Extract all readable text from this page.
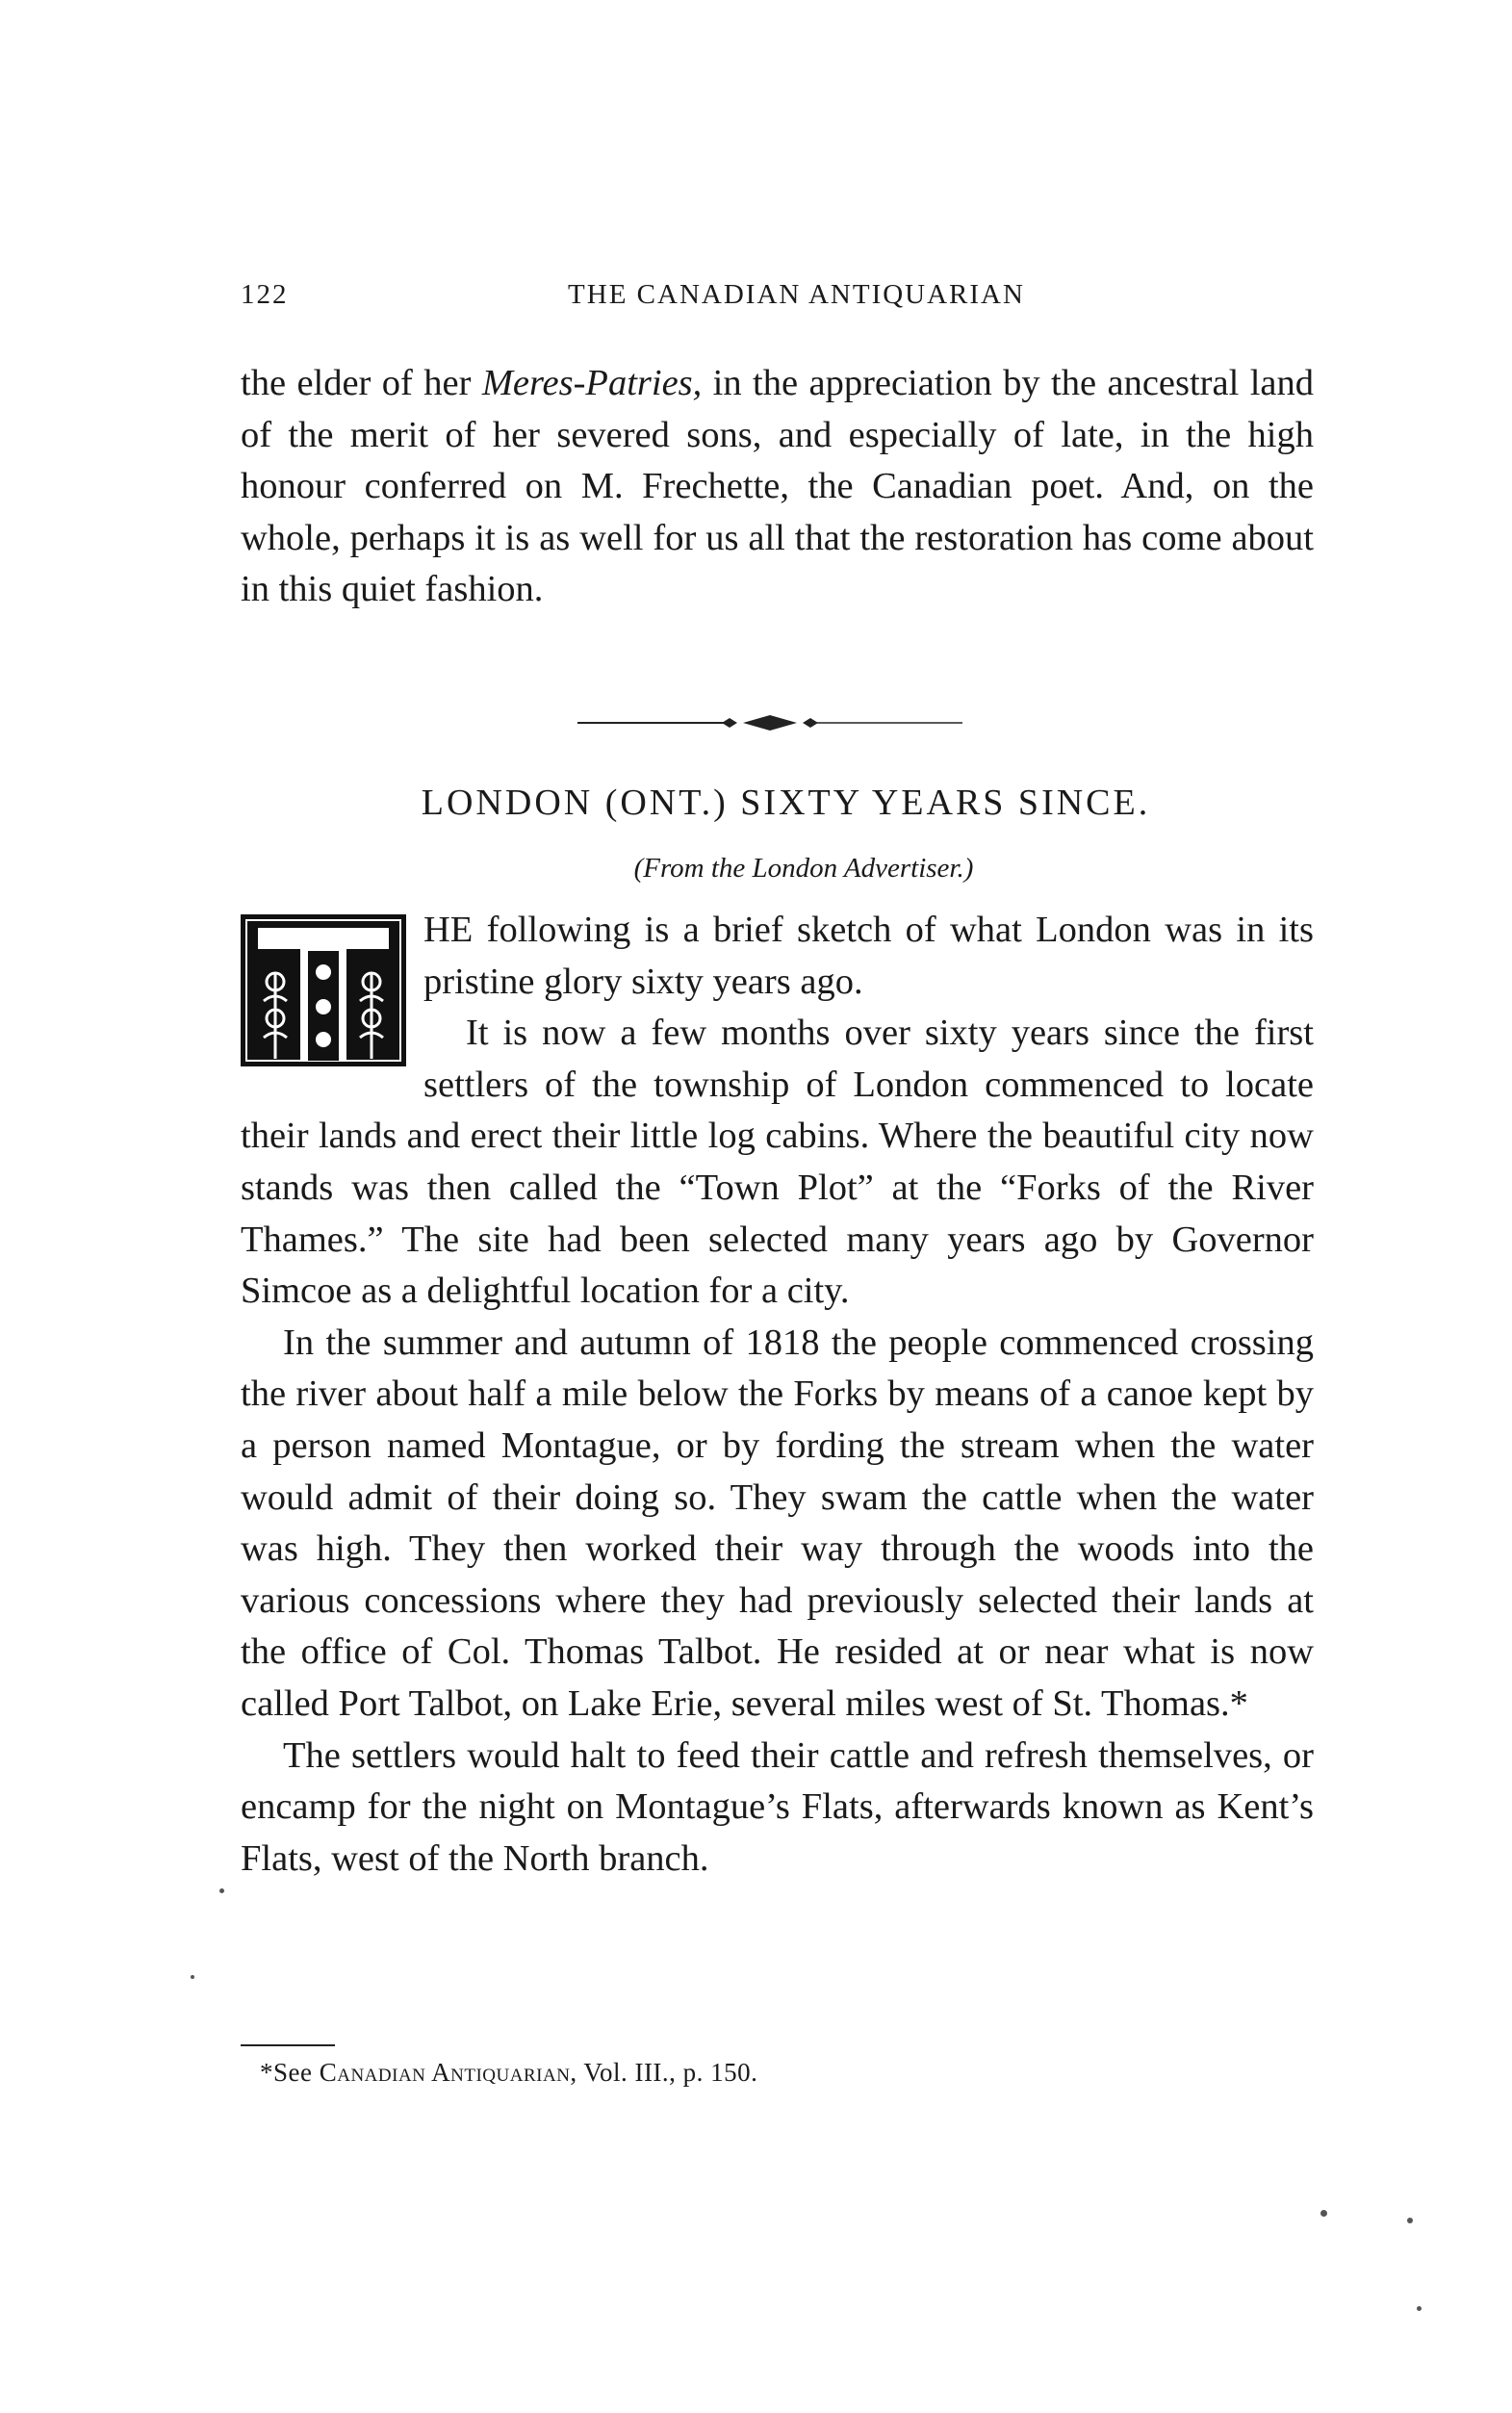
122	THE CANADIAN ANTIQUARIAN

the elder of her Meres-Patries, in the appreciation by the ancestral land of the merit of her severed sons, and especially of late, in the high honour conferred on M. Frechette, the Canadian poet. And, on the whole, perhaps it is as well for us all that the restoration has come about in this quiet fashion.

LONDON (ONT.) SIXTY YEARS SINCE.
(From the London Advertiser.)

HE following is a brief sketch of what London was in its pristine glory sixty years ago.

It is now a few months over sixty years since the first settlers of the township of London commenced to locate their lands and erect their little log cabins. Where the beautiful city now stands was then called the “Town Plot” at the “Forks of the River Thames.” The site had been selected many years ago by Governor Simcoe as a delightful location for a city.

In the summer and autumn of 1818 the people commenced crossing the river about half a mile below the Forks by means of a canoe kept by a person named Montague, or by fording the stream when the water would admit of their doing so. They swam the cattle when the water was high. They then worked their way through the woods into the various concessions where they had previously selected their lands at the office of Col. Thomas Talbot. He resided at or near what is now called Port Talbot, on Lake Erie, several miles west of St. Thomas.*

The settlers would halt to feed their cattle and refresh themselves, or encamp for the night on Montague’s Flats, afterwards known as Kent’s Flats, west of the North branch.

*See Canadian Antiquarian, Vol. III., p. 150.
